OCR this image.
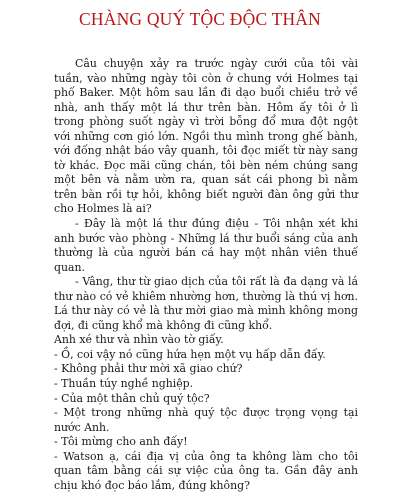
CHÀNG QUÝ TỘC ĐỘC THÂN

Câu chuyện xảy ra trước ngày cưới của tôi vài tuần, vào những ngày tôi còn ở chung với Holmes tại phố Baker. Một hôm sau lần đi dạo buổi chiều trở về nhà, anh thấy một lá thư trên bàn. Hôm ấy tôi ở lì trong phòng suốt ngày vì trời bỗng đổ mưa đột ngột với những cơn gió lớn. Ngồi thu mình trong ghế bành, với đống nhật báo vây quanh, tôi đọc miết từ này sang tờ khác. Đọc mãi cũng chán, tôi bèn ném chúng sang một bên và nằm ườn ra, quan sát cái phong bì nằm trên bàn rồi tự hỏi, không biết người đàn ông gửi thư cho Holmes là ai?

- Đây là một lá thư đúng điệu - Tôi nhận xét khi anh bước vào phòng - Những lá thư buổi sáng của anh thường là của người bán cá hay một nhân viên thuế quan.

- Vâng, thư từ giao dịch của tôi rất là đa dạng và lá thư nào có vẻ khiêm nhường hơn, thường là thú vị hơn. Lá thư này có vẻ là thư mời giao mà mình không mong đợi, đi cũng khổ mà không đi cũng khổ.

Anh xé thư và nhìn vào tờ giấy.

- Ồ, coi vậy nó cũng hứa hẹn một vụ hấp dẫn đấy.

- Không phải thư mời xã giao chứ?

- Thuần túy nghề nghiệp.

- Của một thân chủ quý tộc?

- Một trong những nhà quý tộc được trọng vọng tại nước Anh.

- Tôi mừng cho anh đấy!

- Watson ạ, cái địa vị của ông ta không làm cho tôi quan tâm bằng cái sự việc của ông ta. Gần đây anh chịu khó đọc báo lắm, đúng không?
